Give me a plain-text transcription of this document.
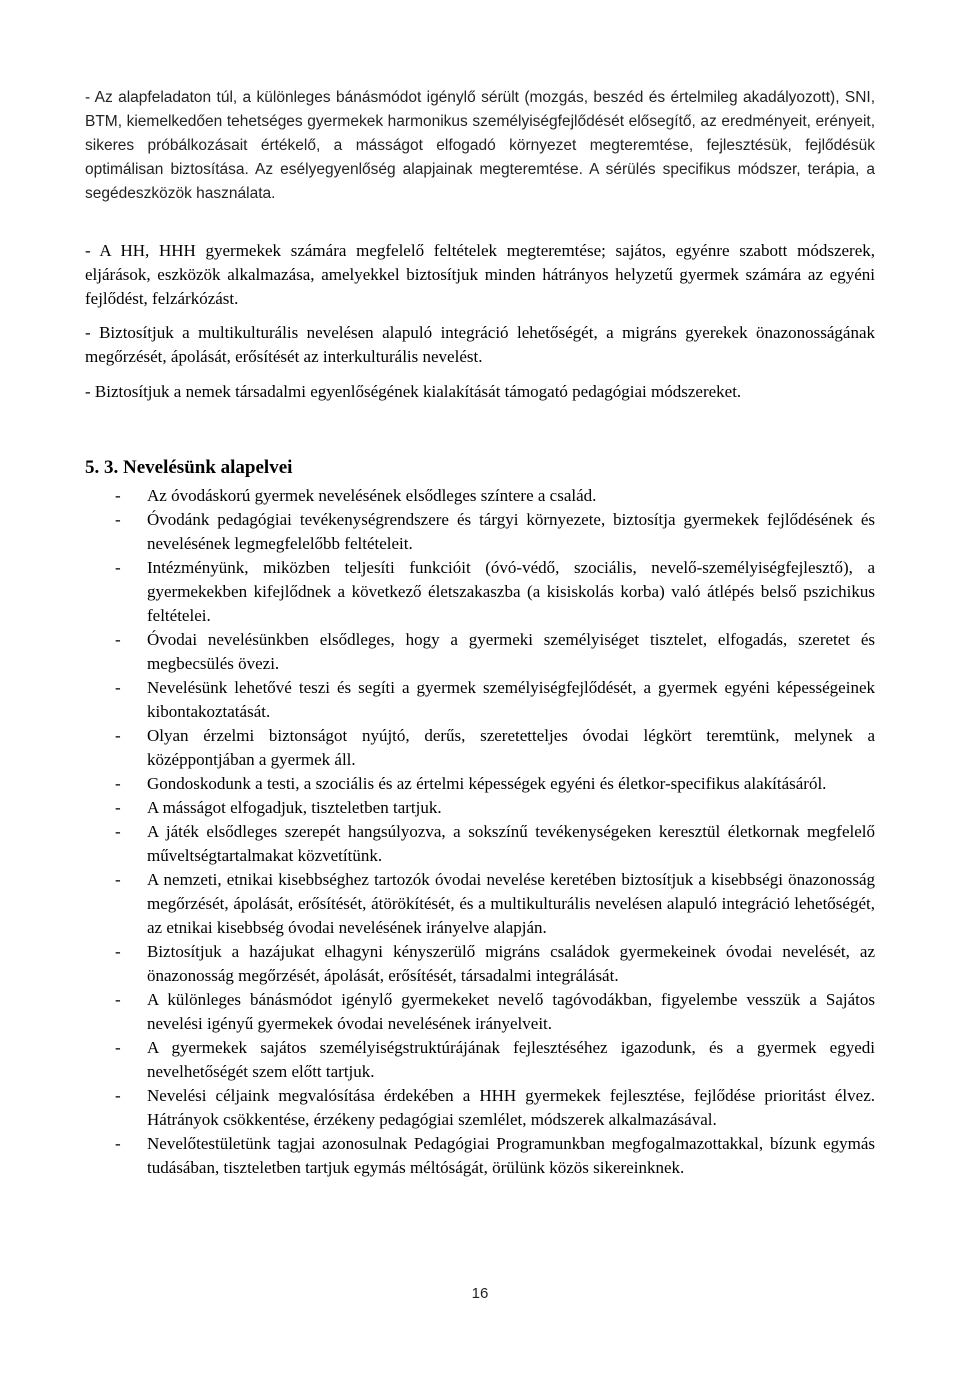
- Az alapfeladaton túl, a különleges bánásmódot igénylő sérült (mozgás, beszéd és értelmileg akadályozott), SNI, BTM, kiemelkedően tehetséges gyermekek harmonikus személyiségfejlődését elősegítő, az eredményeit, erényeit, sikeres próbálkozásait értékelő, a másságot elfogadó környezet megteremtése, fejlesztésük, fejlődésük optimálisan biztosítása. Az esélyegyenlőség alapjainak megteremtése. A sérülés specifikus módszer, terápia, a segédeszközök használata.

- A HH, HHH gyermekek számára megfelelő feltételek megteremtése; sajátos, egyénre szabott módszerek, eljárások, eszközök alkalmazása, amelyekkel biztosítjuk minden hátrányos helyzetű gyermek számára az egyéni fejlődést, felzárkózást.

- Biztosítjuk a multikulturális nevelésen alapuló integráció lehetőségét, a migráns gyerekek önazonosságának megőrzését, ápolását, erősítését az interkulturális nevelést.

- Biztosítjuk a nemek társadalmi egyenlőségének kialakítását támogató pedagógiai módszereket.

5. 3. Nevelésünk alapelvei
- Az óvodáskorú gyermek nevelésének elsődleges színtere a család.
- Óvodánk pedagógiai tevékenységrendszere és tárgyi környezete, biztosítja gyermekek fejlődésének és nevelésének legmegfelelőbb feltételeit.
- Intézményünk, miközben teljesíti funkcióit (óvó-védő, szociális, nevelő-személyiségfejlesztő), a gyermekekben kifejlődnek a következő életszakaszba (a kisiskolás korba) való átlépés belső pszichikus feltételei.
- Óvodai nevelésünkben elsődleges, hogy a gyermeki személyiséget tisztelet, elfogadás, szeretet és megbecsülés övezi.
- Nevelésünk lehetővé teszi és segíti a gyermek személyiségfejlődését, a gyermek egyéni képességeinek kibontakoztatását.
- Olyan érzelmi biztonságot nyújtó, derűs, szeretetteljes óvodai légkört teremtünk, melynek a középpontjában a gyermek áll.
- Gondoskodunk a testi, a szociális és az értelmi képességek egyéni és életkor-specifikus alakításáról.
- A másságot elfogadjuk, tiszteletben tartjuk.
- A játék elsődleges szerepét hangsúlyozva, a sokszínű tevékenységeken keresztül életkornak megfelelő műveltségtartalmakat közvetítünk.
- A nemzeti, etnikai kisebbséghez tartozók óvodai nevelése keretében biztosítjuk a kisebbségi önazonosság megőrzését, ápolását, erősítését, átörökítését, és a multikulturális nevelésen alapuló integráció lehetőségét, az etnikai kisebbség óvodai nevelésének irányelve alapján.
- Biztosítjuk a hazájukat elhagyni kényszerülő migráns családok gyermekeinek óvodai nevelését, az önazonosság megőrzését, ápolását, erősítését, társadalmi integrálását.
- A különleges bánásmódot igénylő gyermekeket nevelő tagóvodákban, figyelembe vesszük a Sajátos nevelési igényű gyermekek óvodai nevelésének irányelveit.
- A gyermekek sajátos személyiségstruktúrájának fejlesztéséhez igazodunk, és a gyermek egyedi nevelhetőségét szem előtt tartjuk.
- Nevelési céljaink megvalósítása érdekében a HHH gyermekek fejlesztése, fejlődése prioritást élvez. Hátrányok csökkentése, érzékeny pedagógiai szemlélet, módszerek alkalmazásával.
- Nevelőtestületünk tagjai azonosulnak Pedagógiai Programunkban megfogalmazottakkal, bízunk egymás tudásában, tiszteletben tartjuk egymás méltóságát, örülünk közös sikereinknek.
16
